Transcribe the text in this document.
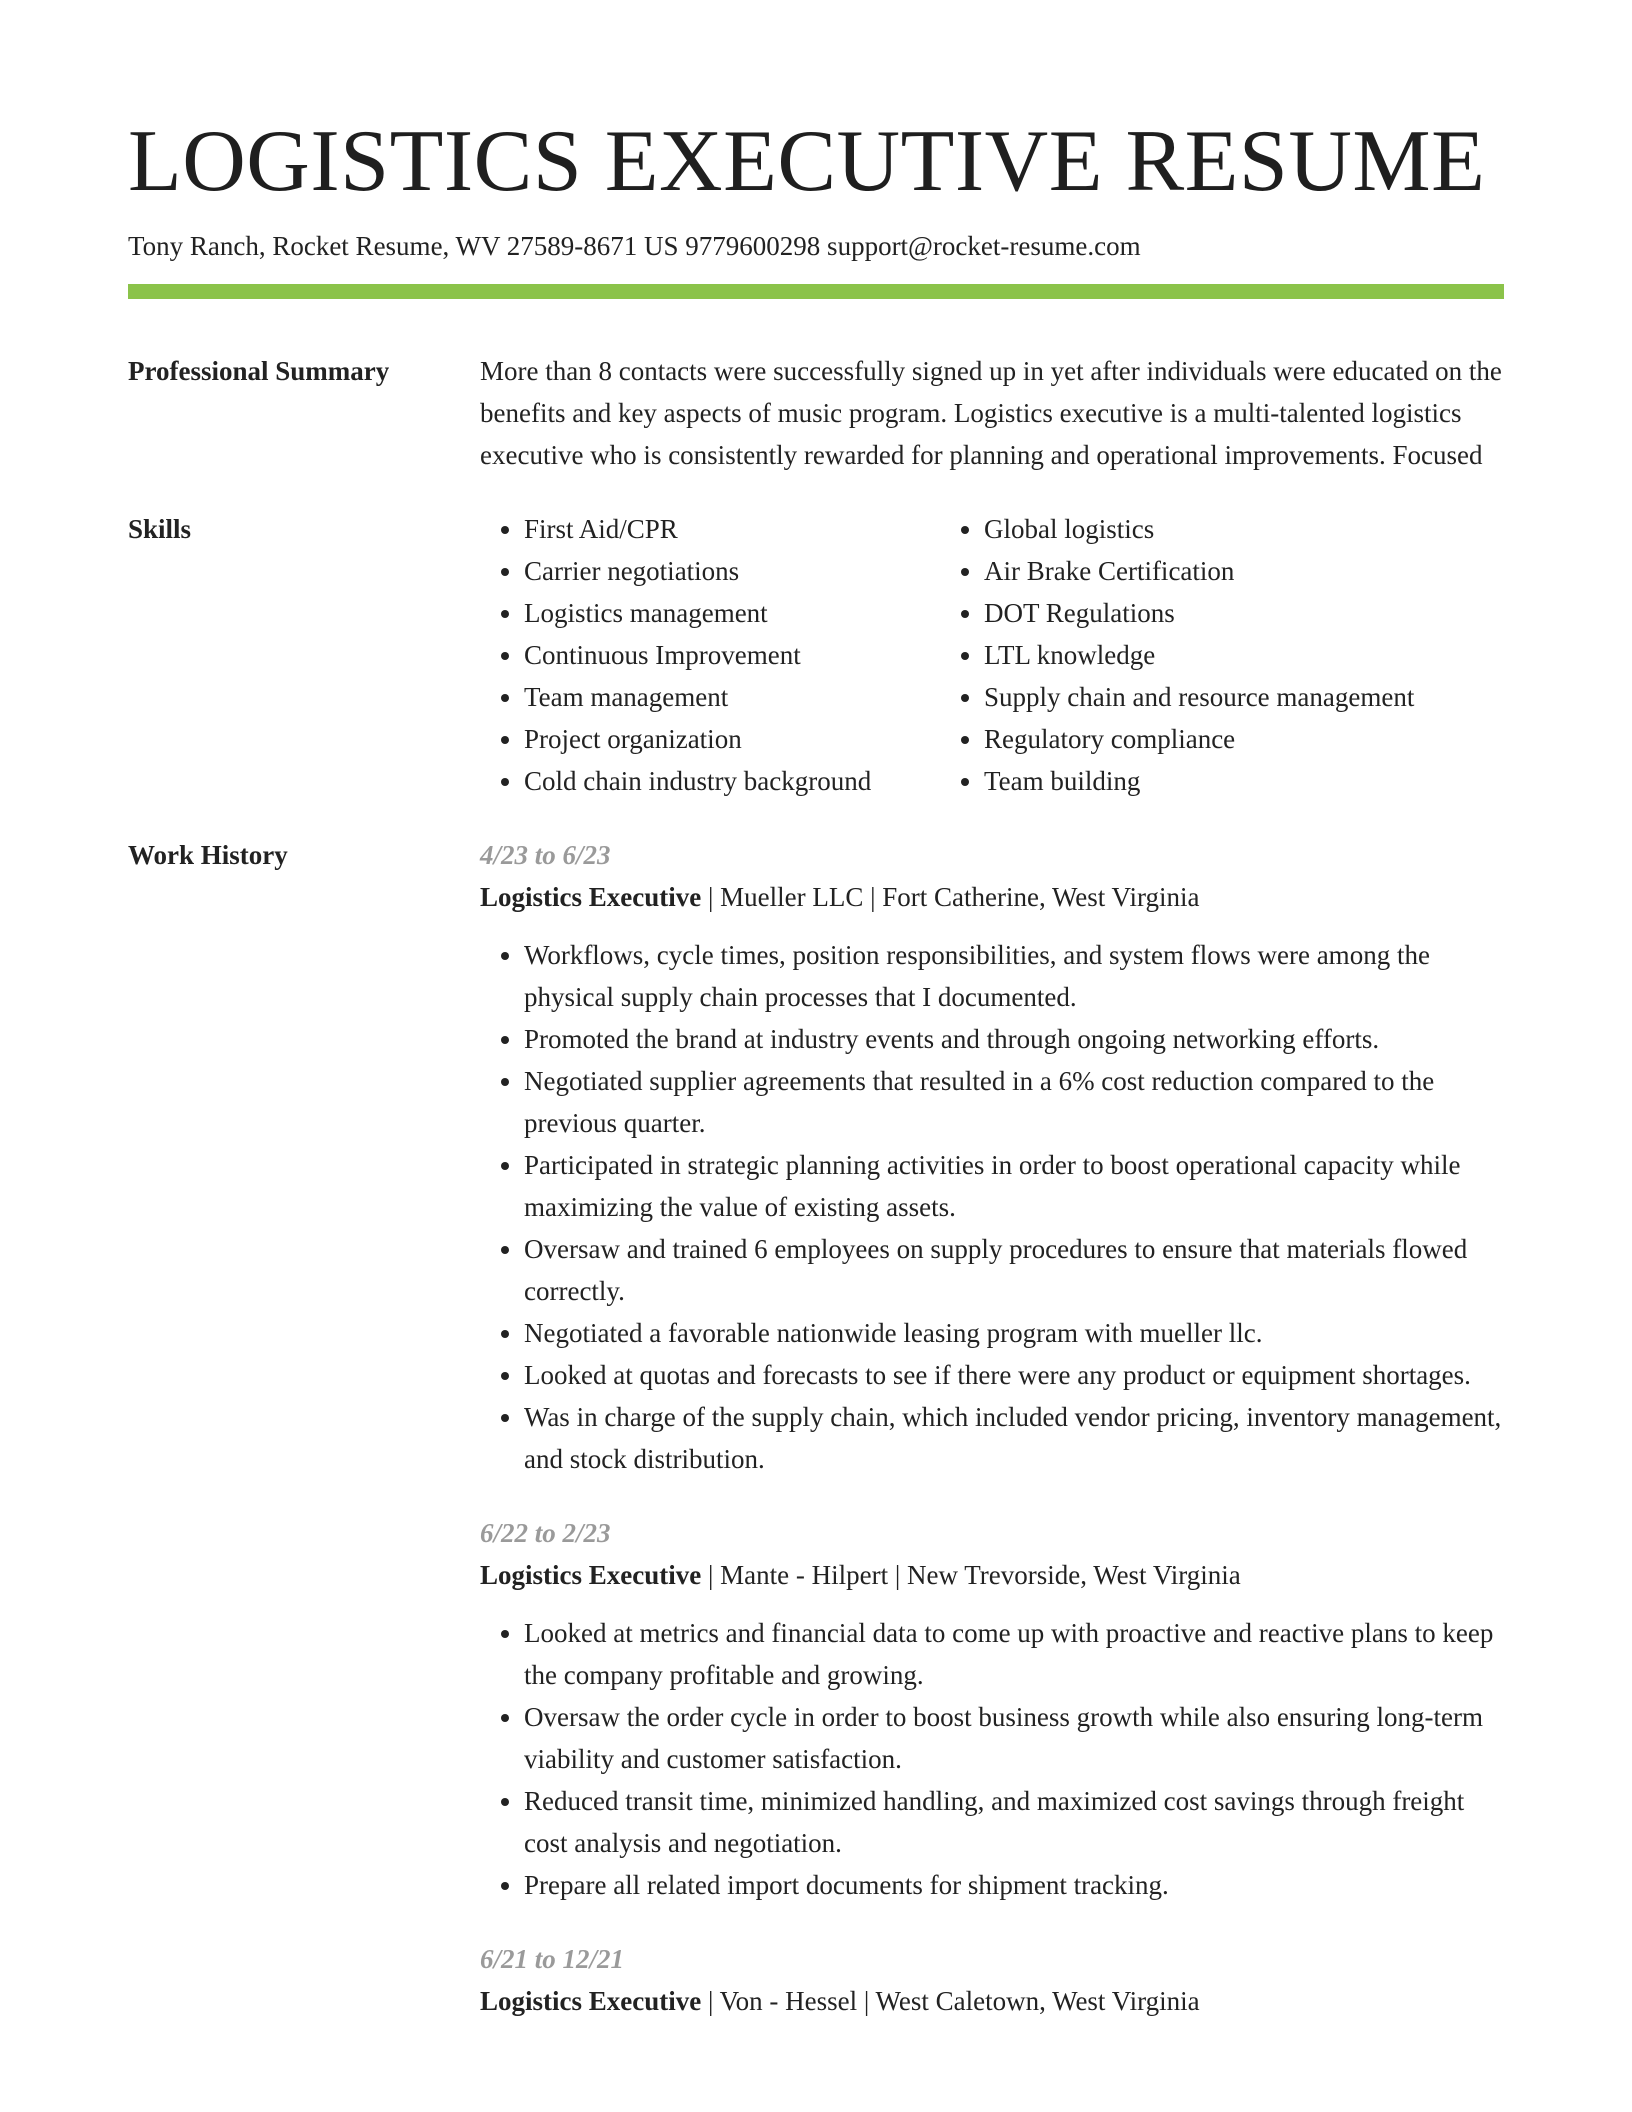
LOGISTICS EXECUTIVE RESUME
Tony Ranch, Rocket Resume, WV 27589-8671 US 9779600298 support@rocket-resume.com
Professional Summary	More than 8 contacts were successfully signed up in yet after individuals were educated on the benefits and key aspects of music program. Logistics executive is a multi-talented logistics executive who is consistently rewarded for planning and operational improvements. Focused
Skills
•	First Aid/CPR
• Carrier negotiations
• Logistics management
• Continuous Improvement
• Team management
• Project organization
• Cold chain industry background
• Global logistics
• Air Brake Certification
• DOT Regulations
• LTL knowledge
• Supply chain and resource management
• Regulatory compliance
• Team building
Work History	4/23 to 6/23
Logistics Executive | Mueller LLC | Fort Catherine, West Virginia
• Workflows, cycle times, position responsibilities, and system flows were among the physical supply chain processes that I documented.
• Promoted the brand at industry events and through ongoing networking efforts.
• Negotiated supplier agreements that resulted in a 6% cost reduction compared to the previous quarter.
• Participated in strategic planning activities in order to boost operational capacity while maximizing the value of existing assets.
• Oversaw and trained 6 employees on supply procedures to ensure that materials flowed correctly.
• Negotiated a favorable nationwide leasing program with mueller llc.
• Looked at quotas and forecasts to see if there were any product or equipment shortages.
• Was in charge of the supply chain, which included vendor pricing, inventory management, and stock distribution.
6/22 to 2/23
Logistics Executive | Mante - Hilpert | New Trevorside, West Virginia
• Looked at metrics and financial data to come up with proactive and reactive plans to keep the company profitable and growing.
• Oversaw the order cycle in order to boost business growth while also ensuring long-term viability and customer satisfaction.
• Reduced transit time, minimized handling, and maximized cost savings through freight cost analysis and negotiation.
• Prepare all related import documents for shipment tracking.
6/21 to 12/21
Logistics Executive | Von - Hessel | West Caletown, West Virginia
